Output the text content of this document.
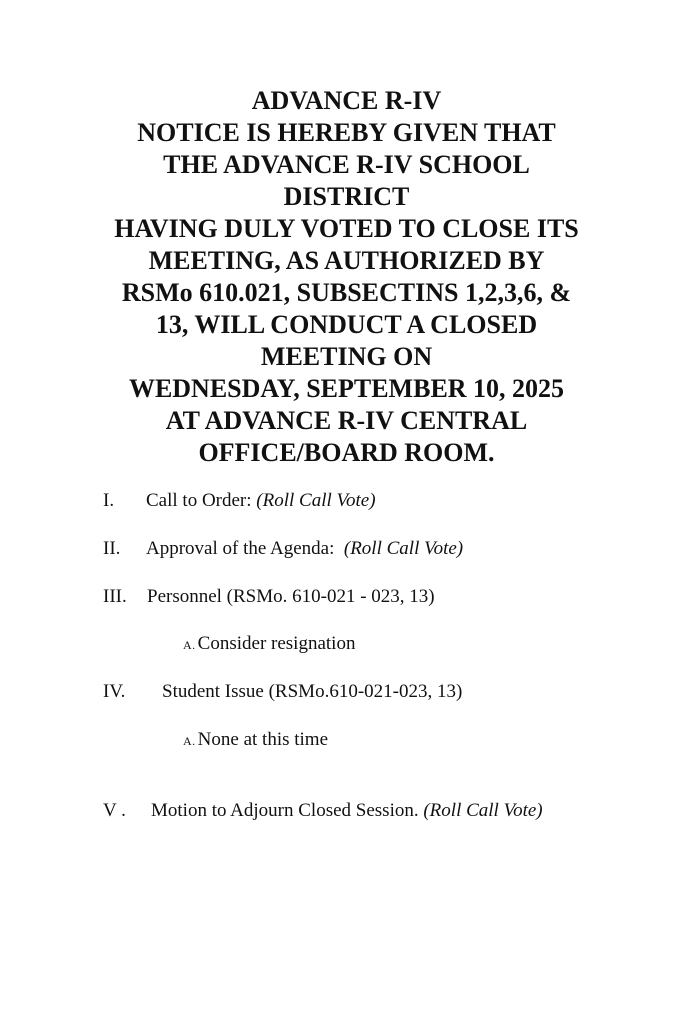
ADVANCE R-IV
NOTICE IS HEREBY GIVEN THAT
THE ADVANCE R-IV SCHOOL
DISTRICT
HAVING DULY VOTED TO CLOSE ITS
MEETING, AS AUTHORIZED BY
RSMo 610.021, SUBSECTINS 1,2,3,6, &
13, WILL CONDUCT A CLOSED
MEETING ON
WEDNESDAY, SEPTEMBER 10, 2025
AT ADVANCE R-IV CENTRAL
OFFICE/BOARD ROOM.
I. Call to Order: (Roll Call Vote)
II. Approval of the Agenda:  (Roll Call Vote)
III. Personnel (RSMo. 610-021 - 023, 13)
A. Consider resignation
IV. Student Issue (RSMo.610-021-023, 13)
A. None at this time
V . Motion to Adjourn Closed Session. (Roll Call Vote)
